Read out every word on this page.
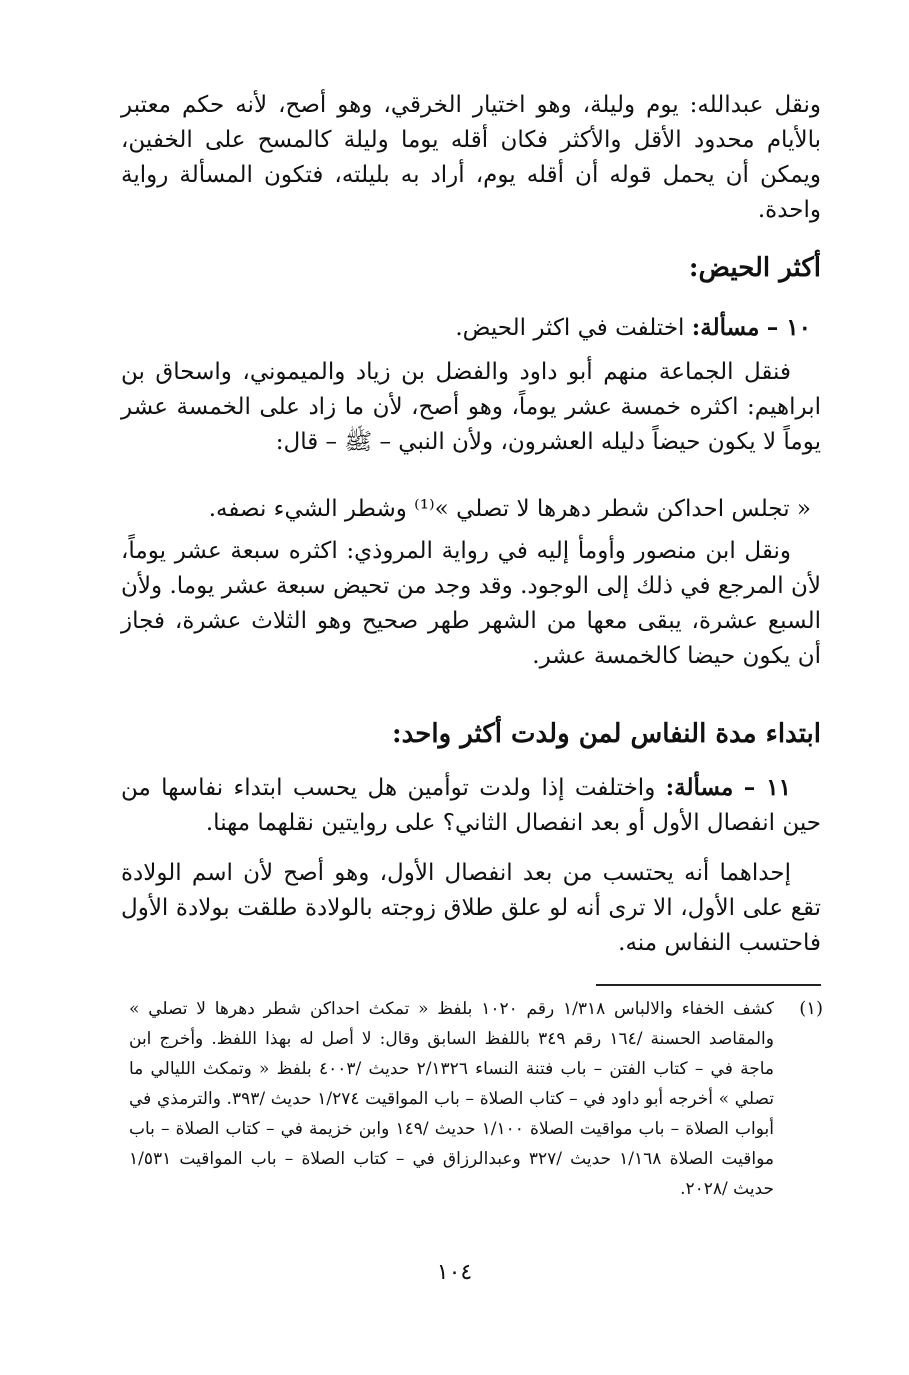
ونقل عبدالله: يوم وليلة، وهو اختيار الخرقي، وهو أصح، لأنه حكم معتبر بالأيام محدود الأقل والأكثر فكان أقله يوما وليلة كالمسح على الخفين، ويمكن أن يحمل قوله أن أقله يوم، أراد به بليلته، فتكون المسألة رواية واحدة.

أكثر الحيض:

١٠ – مسألة: اختلفت في اكثر الحيض.

فنقل الجماعة منهم أبو داود والفضل بن زياد والميموني، واسحاق بن ابراهيم: اكثره خمسة عشر يوماً، وهو أصح، لأن ما زاد على الخمسة عشر يوماً لا يكون حيضاً دليله العشرون، ولأن النبي – ﷺ – قال:

« تجلس احداكن شطر دهرها لا تصلي »⁽¹⁾ وشطر الشيء نصفه.

ونقل ابن منصور وأومأ إليه في رواية المروذي: اكثره سبعة عشر يوماً، لأن المرجع في ذلك إلى الوجود. وقد وجد من تحيض سبعة عشر يوما. ولأن السبع عشرة، يبقى معها من الشهر طهر صحيح وهو الثلاث عشرة، فجاز أن يكون حيضا كالخمسة عشر.

ابتداء مدة النفاس لمن ولدت أكثر واحد:

١١ – مسألة: واختلفت إذا ولدت توأمين هل يحسب ابتداء نفاسها من حين انفصال الأول أو بعد انفصال الثاني؟ على روايتين نقلهما مهنا.

إحداهما أنه يحتسب من بعد انفصال الأول، وهو أصح لأن اسم الولادة تقع على الأول، الا ترى أنه لو علق طلاق زوجته بالولادة طلقت بولادة الأول فاحتسب النفاس منه.

(١)

كشف الخفاء والالباس ١/٣١٨ رقم ١٠٢٠ بلفظ « تمكث احداكن شطر دهرها لا تصلي » والمقاصد الحسنة /١٦٤ رقم ٣٤٩ باللفظ السابق وقال: لا أصل له بهذا اللفظ. وأخرج ابن ماجة في – كتاب الفتن – باب فتنة النساء ٢/١٣٢٦ حديث /٤٠٠٣ بلفظ « وتمكث الليالي ما تصلي » أخرجه أبو داود في – كتاب الصلاة – باب المواقيت ١/٢٧٤ حديث /٣٩٣. والترمذي في أبواب الصلاة – باب مواقيت الصلاة ١/١٠٠ حديث /١٤٩ وابن خزيمة في – كتاب الصلاة – باب مواقيت الصلاة ١/١٦٨ حديث /٣٢٧ وعبدالرزاق في – كتاب الصلاة – باب المواقيت ١/٥٣١ حديث /٢٠٢٨.

١٠٤
